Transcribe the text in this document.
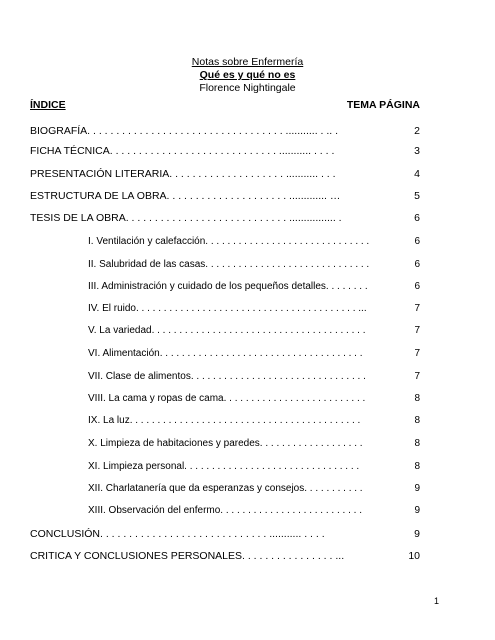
Notas sobre Enfermería
Qué es y qué no es
Florence Nightingale
ÍNDICE	TEMA PÁGINA
BIOGRAFÍA. . . . . . . . . . . . . . . . . . . . . . . . . . . . . . . . . . ........... . .. .	2
FICHA TÉCNICA. . . . . . . . . . . . . . . . . . . . . . . . . . . . . ........... . . . .	3
PRESENTACIÓN LITERARIA. . . . . . . . . . . . . . . . . . . . ........... . . .	4
ESTRUCTURA DE LA OBRA. . . . . . . . . . . . . . . . . . . . . ............. …	5
TESIS DE LA OBRA. . . . . . . . . . . . . . . . . . . . . . . . . . . . ................ .	6
I. Ventilación y calefacción. . . . . . . . . . . . . . . . . . . . . . . . . . . . . .	6
II. Salubridad de las casas. . . . . . . . . . . . . . . . . . . . . . . . . . . . . .	6
III. Administración y cuidado de los pequeños detalles. . . . . . . .	6
IV. El ruido. . . . . . . . . . . . . . . . . . . . . . . . . . . . . . . . . . . . . . . . ...	7
V. La variedad. . . . . . . . . . . . . . . . . . . . . . . . . . . . . . . . . . . . . . .	7
VI. Alimentación. . . . . . . . . . . . . . . . . . . . . . . . . . . . . . . . . . . . .	7
VII. Clase de alimentos. . . . . . . . . . . . . . . . . . . . . . . . . . . . . . . .	7
VIII. La cama y ropas de cama. . . . . . . . . . . . . . . . . . . . . . . . . .	8
IX. La luz. . . . . . . . . . . . . . . . . . . . . . . . . . . . . . . . . . . . . . . . . .	8
X. Limpieza de habitaciones y paredes. . . . . . . . . . . . . . . . . . .	8
XI. Limpieza personal. . . . . . . . . . . . . . . . . . . . . . . . . . . . . . . .	8
XII. Charlatanería que da esperanzas y consejos. . . . . . . . . . .	9
XIII. Observación del enfermo. . . . . . . . . . . . . . . . . . . . . . . . . .	9
CONCLUSIÓN. . . . . . . . . . . . . . . . . . . . . . . . . . . . . ........... . . . .	9
CRITICA Y CONCLUSIONES PERSONALES. . . . . . . . . . . . . . . . ...	10
1
